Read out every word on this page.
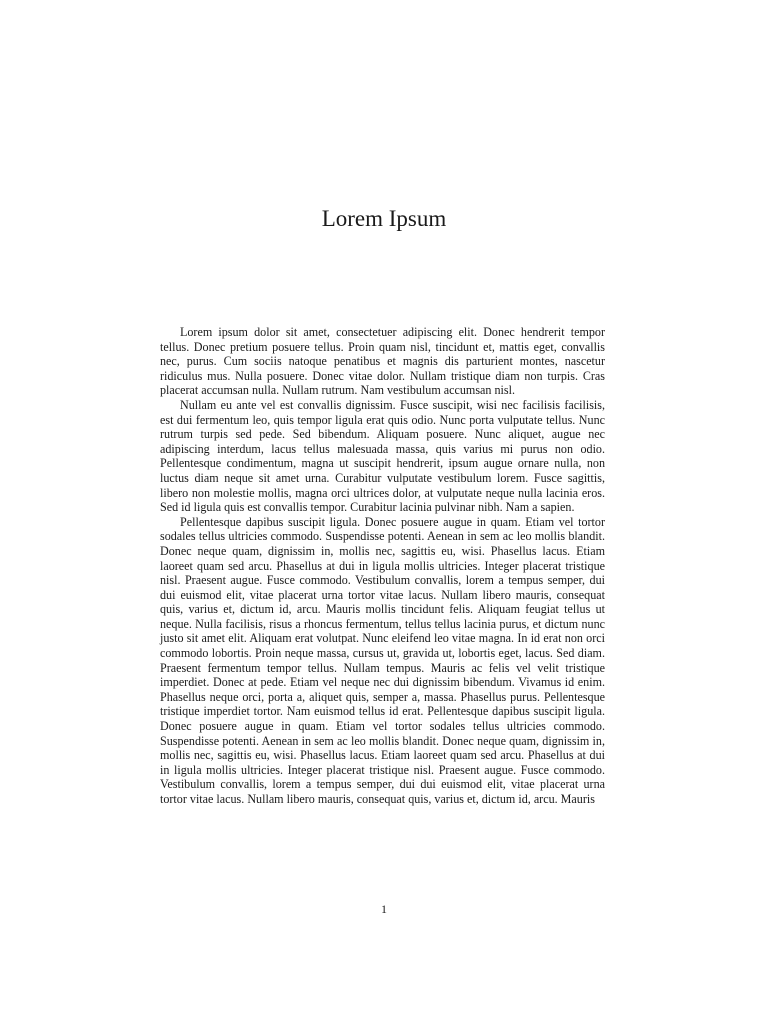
Lorem Ipsum

Lorem ipsum dolor sit amet, consectetuer adipiscing elit. Donec hendrerit tempor tellus. Donec pretium posuere tellus. Proin quam nisl, tincidunt et, mattis eget, convallis nec, purus. Cum sociis natoque penatibus et magnis dis parturient montes, nascetur ridiculus mus. Nulla posuere. Donec vitae dolor. Nullam tristique diam non turpis. Cras placerat accumsan nulla. Nullam rutrum. Nam vestibulum accumsan nisl.

Nullam eu ante vel est convallis dignissim. Fusce suscipit, wisi nec facilisis facilisis, est dui fermentum leo, quis tempor ligula erat quis odio. Nunc porta vulputate tellus. Nunc rutrum turpis sed pede. Sed bibendum. Aliquam posuere. Nunc aliquet, augue nec adipiscing interdum, lacus tellus malesuada massa, quis varius mi purus non odio. Pellentesque condimentum, magna ut suscipit hendrerit, ipsum augue ornare nulla, non luctus diam neque sit amet urna. Curabitur vulputate vestibulum lorem. Fusce sagittis, libero non molestie mollis, magna orci ultrices dolor, at vulputate neque nulla lacinia eros. Sed id ligula quis est convallis tempor. Curabitur lacinia pulvinar nibh. Nam a sapien.

Pellentesque dapibus suscipit ligula. Donec posuere augue in quam. Etiam vel tortor sodales tellus ultricies commodo. Suspendisse potenti. Aenean in sem ac leo mollis blandit. Donec neque quam, dignissim in, mollis nec, sagittis eu, wisi. Phasellus lacus. Etiam laoreet quam sed arcu. Phasellus at dui in ligula mollis ultricies. Integer placerat tristique nisl. Praesent augue. Fusce commodo. Vestibulum convallis, lorem a tempus semper, dui dui euismod elit, vitae placerat urna tortor vitae lacus. Nullam libero mauris, consequat quis, varius et, dictum id, arcu. Mauris mollis tincidunt felis. Aliquam feugiat tellus ut neque. Nulla facilisis, risus a rhoncus fermentum, tellus tellus lacinia purus, et dictum nunc justo sit amet elit. Aliquam erat volutpat. Nunc eleifend leo vitae magna. In id erat non orci commodo lobortis. Proin neque massa, cursus ut, gravida ut, lobortis eget, lacus. Sed diam. Praesent fermentum tempor tellus. Nullam tempus. Mauris ac felis vel velit tristique imperdiet. Donec at pede. Etiam vel neque nec dui dignissim bibendum. Vivamus id enim. Phasellus neque orci, porta a, aliquet quis, semper a, massa. Phasellus purus. Pellentesque tristique imperdiet tortor. Nam euismod tellus id erat. Pellentesque dapibus suscipit ligula. Donec posuere augue in quam. Etiam vel tortor sodales tellus ultricies commodo. Suspendisse potenti. Aenean in sem ac leo mollis blandit. Donec neque quam, dignissim in, mollis nec, sagittis eu, wisi. Phasellus lacus. Etiam laoreet quam sed arcu. Phasellus at dui in ligula mollis ultricies. Integer placerat tristique nisl. Praesent augue. Fusce commodo. Vestibulum convallis, lorem a tempus semper, dui dui euismod elit, vitae placerat urna tortor vitae lacus. Nullam libero mauris, consequat quis, varius et, dictum id, arcu. Mauris

1
